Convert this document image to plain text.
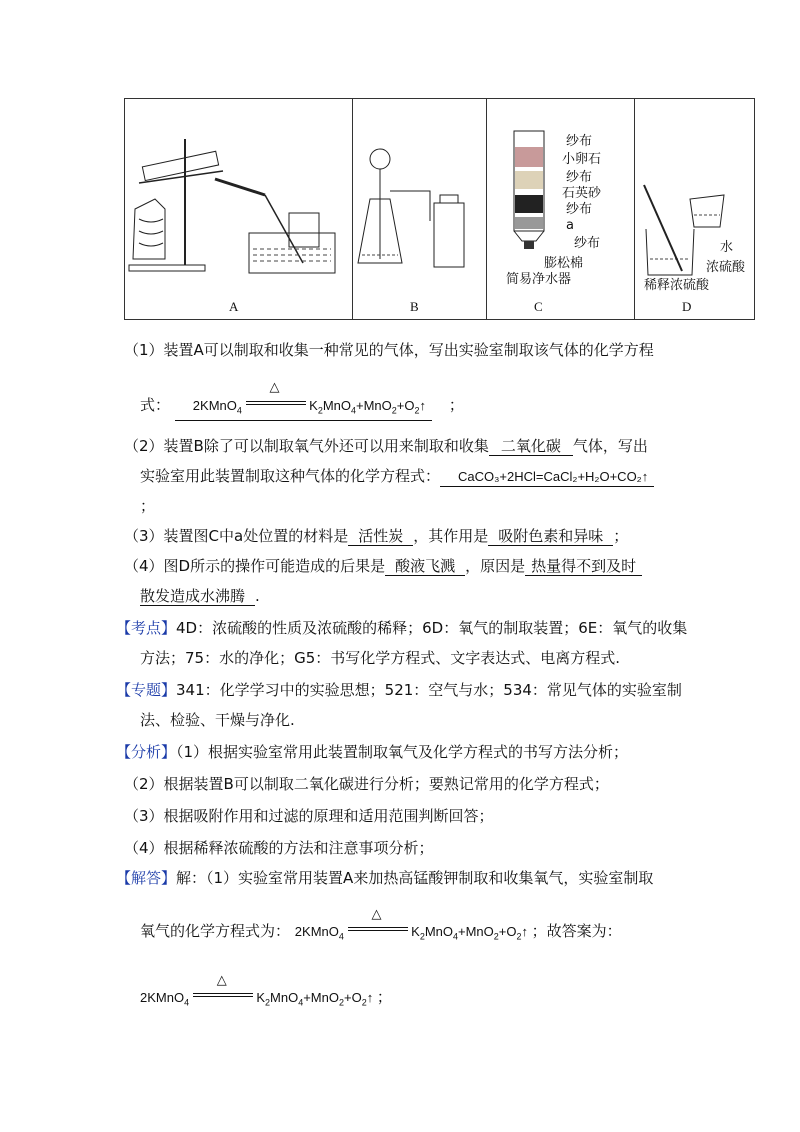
A	B
纱布
小卵石
纱布
石英砂
纱布
a
纱布
膨松棉
简易净水器
C
水
浓硫酸
稀释浓硫酸
D
（1）装置A可以制取和收集一种常见的气体，写出实验室制取该气体的化学方程
式： 2KMnO$_4$
△
$K_2MnO_4+MnO_2+O_2↑$ ；
（2）装置B除了可以制取氧气外还可以用来制取和收集 二氧化碳 气体，写出
实验室用此装置制取这种气体的化学方程式： CaCO₃+2HCl=CaCl₂+H₂O+CO₂↑
；
（3）装置图C中a处位置的材料是 活性炭 ，其作用是 吸附色素和异味 ；
（4）图D所示的操作可能造成的后果是 酸液飞溅 ，原因是 热量得不到及时
散发造成水沸腾 .
【考点】4D：浓硫酸的性质及浓硫酸的稀释；6D：氧气的制取装置；6E：氧气的收集
方法；75：水的净化；G5：书写化学方程式、文字表达式、电离方程式.
【专题】341：化学学习中的实验思想；521：空气与水；534：常见气体的实验室制
法、检验、干燥与净化.
【分析】（1）根据实验室常用此装置制取氧气及化学方程式的书写方法分析；
（2）根据装置B可以制取二氧化碳进行分析；要熟记常用的化学方程式；
（3）根据吸附作用和过滤的原理和适用范围判断回答；
（4）根据稀释浓硫酸的方法和注意事项分析；
【解答】解：（1）实验室常用装置A来加热高锰酸钾制取和收集氧气，实验室制取
氧气的化学方程式为： 2KMnO$_4$
△
$K_2MnO_4+MnO_2+O_2↑$ ；故答案为：
2KMnO$_4$
△
$K_2MnO_4+MnO_2+O_2↑$ ；
